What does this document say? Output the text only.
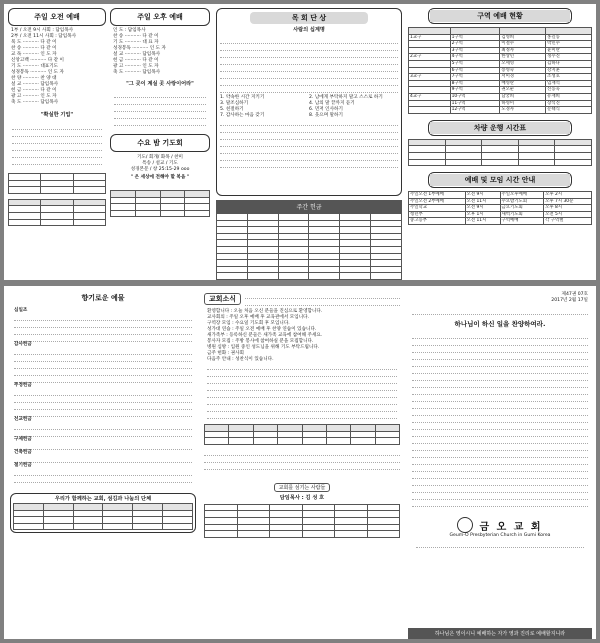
주일 오전 예배
1부 / 오전 9시 사회 : 담임목사
2부 / 오전 11시 사회 : 담임목사
묵 도 ··········· 다 같 이
찬 송 ··········· 다 같 이
교 독 ··········· 인 도 자
신앙고백 ··········· 다 같 이
기 도 ··········· 대표기도
성경봉독 ··········· 인 도 자
찬 양 ··········· 찬 양 대
설 교 ··········· 담임목사
헌 금 ··········· 다 같 이
광 고 ··········· 인 도 자
축 도 ··········· 담임목사
"확실한 기업"

주일 오후 예배
인 도 : 담임목사
찬 송 ··········· 다 같 이
기 도 ··········· 대 표 자
성경봉독 ··········· 인 도 자
설 교 ··········· 담임목사
헌 금 ··········· 다 같 이
광 고 ··········· 인 도 자
축 도 ··········· 담임목사
"그 곳이 계실 곳 사랑이어라"
수요 밤 기도회
기도/ 회개/ 화목 / 찬미
특송 / 설교 / 기도
성경본문 / 창 25:15-29 ooo
" 은 세상에 전해야 할 복음 "

목 회 단 상
사람의 십계명
1. 약속한 시간 지키기	2. 남에게 부탁하지 말고 스스로 하기
3. 말조심하기	4. 남의 말 끝까지 듣기
5. 친절하기	6. 먼저 인사하기
7. 감사하는 마음 갖기	8. 웃으며 말하기
주간 헌금

구역 예배 현황

1교구	1구역	김영희	홍길동
	2구역	이철수	박민수
	3구역	최정자	윤미란
2교구	4구역	한상민	정수진
	5구역	오세영	김하나
	6구역	송영숙	강지훈
3교구	7구역	서미경	조성호
	8구역	배영란	임재석
	9구역	권오순	신동욱
4교구	10구역	남궁희	유재희
	11구역	하영미	장석진
	12구역	노경자	문태식
차량 운행 시간표

예배 및 모임 시간 안내
주일오전 1부예배	오전 9시	주일오후예배	오후 2시
주일오전 2부예배	오전 11시	수요밤기도회	오후 7시 30분
주일학교	오전 9시	금요기도회	오후 8시
청년부	오후 1시	새벽기도회	오전 5시
중고등부	오전 11시	구역예배	각 구역별
향기로운 예물
십일조
감사헌금
주정헌금
선교헌금
구제헌금
건축헌금
절기헌금
우리가 함께하는 교회, 섬김과 나눔의 단체

교회소식
환영합니다 : 오늘 처음 오신 분들을 진심으로 환영합니다.
교사회의 : 주일 오후 예배 후 교육관에서 모입니다.
구역장 모임 : 수요일 기도회 후 모입니다.
성가대 연습 : 주일 오전 예배 후 찬양 연습이 있습니다.
새가족부 : 등록하신 분들은 새가족 교육에 참여해 주세요.
봉사자 모집 : 주방 봉사에 참여하실 분을 모집합니다.
병원 심방 : 입원 중인 성도님을 위해 기도 부탁드립니다.
금주 헌화 : 권사회
다음주 안내 : 성찬식이 있습니다.

교회를 섬기는 사람들
담임목사 : 김 성 호

제47권 07호
2017년 2월 17일
하나님이 하신 일을 찬양하여라.
금 오 교 회
Geum-O Presbyterian Church in Gumi Korea
하나님은 영이시니 예배하는 자가 영과 진리로 예배할지니라
